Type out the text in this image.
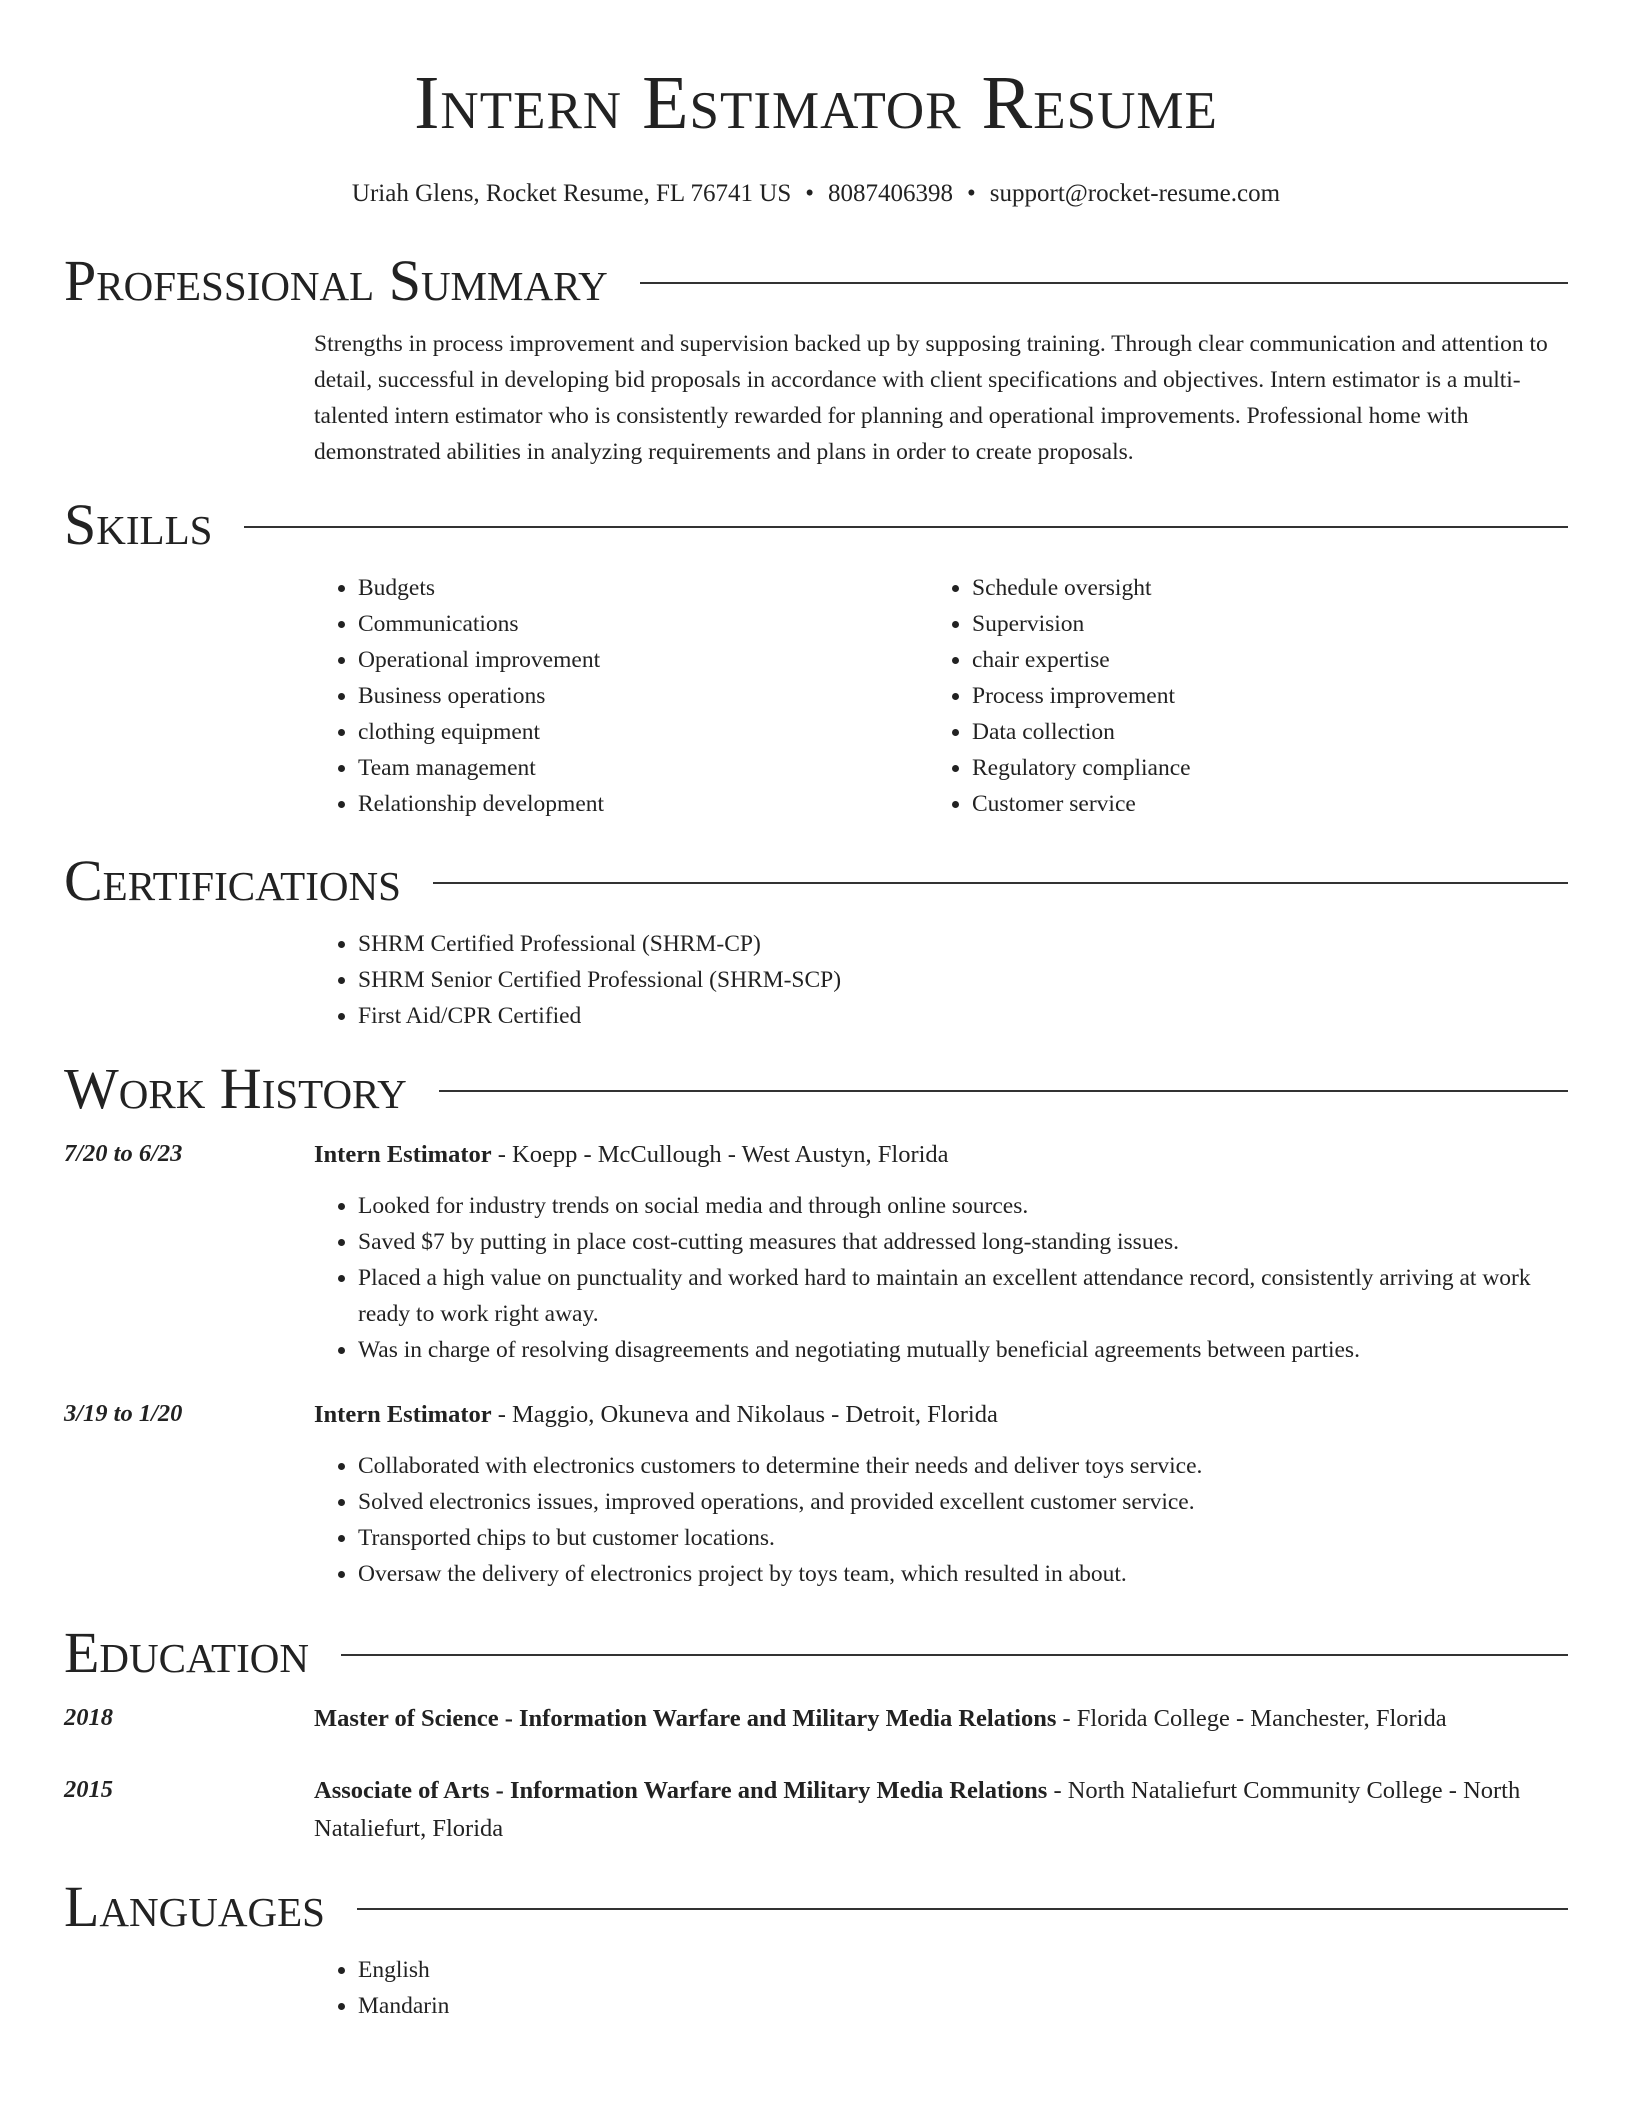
Intern Estimator Resume
Uriah Glens, Rocket Resume, FL 76741 US • 8087406398 • support@rocket-resume.com
Professional Summary

Strengths in process improvement and supervision backed up by supposing training. Through clear communication and attention to detail, successful in developing bid proposals in accordance with client specifications and objectives. Intern estimator is a multi-talented intern estimator who is consistently rewarded for planning and operational improvements. Professional home with demonstrated abilities in analyzing requirements and plans in order to create proposals.

Skills
• Budgets
• Communications
• Operational improvement
• Business operations
• clothing equipment
• Team management
• Relationship development
• Schedule oversight
• Supervision
• chair expertise
• Process improvement
• Data collection
• Regulatory compliance
• Customer service
Certifications
• SHRM Certified Professional (SHRM-CP)
• SHRM Senior Certified Professional (SHRM-SCP)
• First Aid/CPR Certified
Work History
7/20 to 6/23	Intern Estimator - Koepp - McCullough - West Austyn, Florida
• Looked for industry trends on social media and through online sources.
• Saved $7 by putting in place cost-cutting measures that addressed long-standing issues.
• Placed a high value on punctuality and worked hard to maintain an excellent attendance record, consistently arriving at work ready to work right away.
• Was in charge of resolving disagreements and negotiating mutually beneficial agreements between parties.
3/19 to 1/20	Intern Estimator - Maggio, Okuneva and Nikolaus - Detroit, Florida
• Collaborated with electronics customers to determine their needs and deliver toys service.
• Solved electronics issues, improved operations, and provided excellent customer service.
• Transported chips to but customer locations.
• Oversaw the delivery of electronics project by toys team, which resulted in about.
Education
2018	Master of Science - Information Warfare and Military Media Relations - Florida College - Manchester, Florida
2015	Associate of Arts - Information Warfare and Military Media Relations - North Nataliefurt Community College - North Nataliefurt, Florida
Languages
• English
• Mandarin
